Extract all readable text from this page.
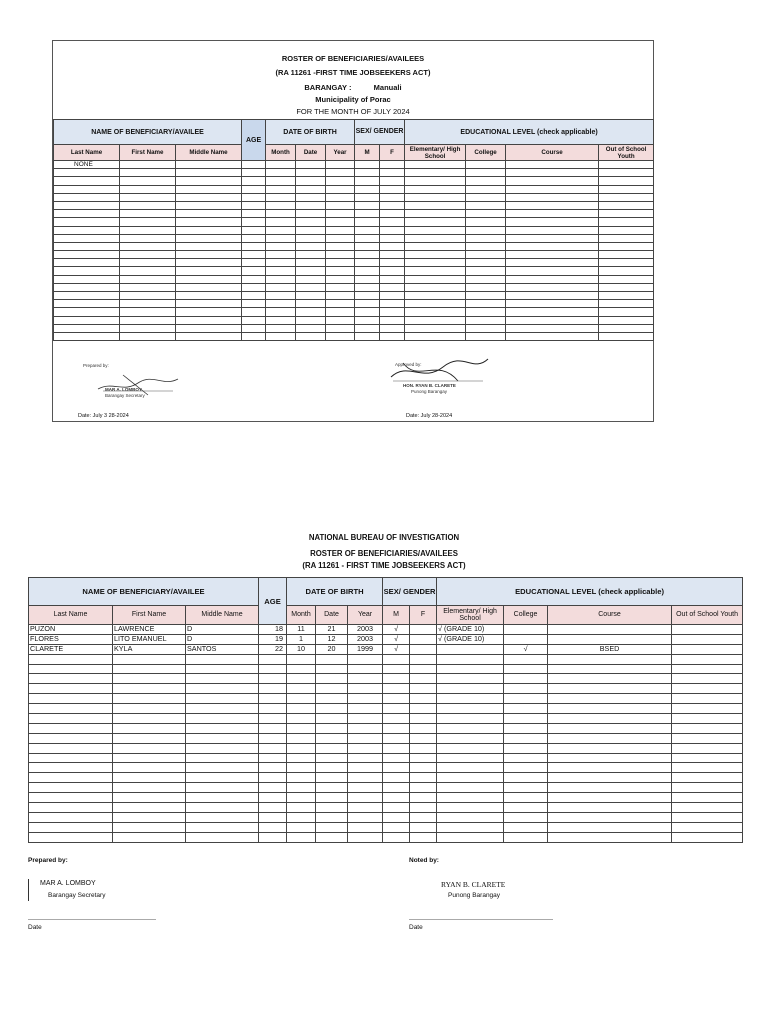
ROSTER OF BENEFICIARIES/AVAILEES
(RA 11261 -FIRST TIME JOBSEEKERS ACT)
BARANGAY :	Manuali
Municipality of Porac
FOR THE MONTH OF JULY 2024
NAME OF BENEFICIARY/AVAILEE			AGE	DATE OF BIRTH			SEX/ GENDER		EDUCATIONAL LEVEL (check applicable)			
Last Name	First Name	Middle Name		Month	Date	Year	M	F	Elementary/ High School	College	Course	Out of School Youth
NONE												

Prepared by:
MAR A. LOMBOY
Barangay Secretary
Approved by:
HON. RYAN B. CLARETE
Punong Barangay
Date: July 3 28-2024	Date: July 28-2024
NATIONAL BUREAU OF INVESTIGATION
ROSTER OF BENEFICIARIES/AVAILEES
(RA 11261 - FIRST TIME JOBSEEKERS ACT)
NAME OF BENEFICIARY/AVAILEE			AGE	DATE OF BIRTH			SEX/ GENDER		EDUCATIONAL LEVEL (check applicable)			
Last Name	First Name	Middle Name		Month	Date	Year	M	F	Elementary/ High School	College	Course	Out of School Youth
PUZON	LAWRENCE	D	18	11	21	2003	√		√ (GRADE 10)			
FLORES	LITO EMANUEL	D	19	1	12	2003	√		√ (GRADE 10)			
CLARETE	KYLA	SANTOS	22	10	20	1999	√			√	BSED	

Prepared by:
MAR A. LOMBOY
Barangay Secretary
Date
Noted by:
RYAN B. CLARETE
Punong Barangay
Date
